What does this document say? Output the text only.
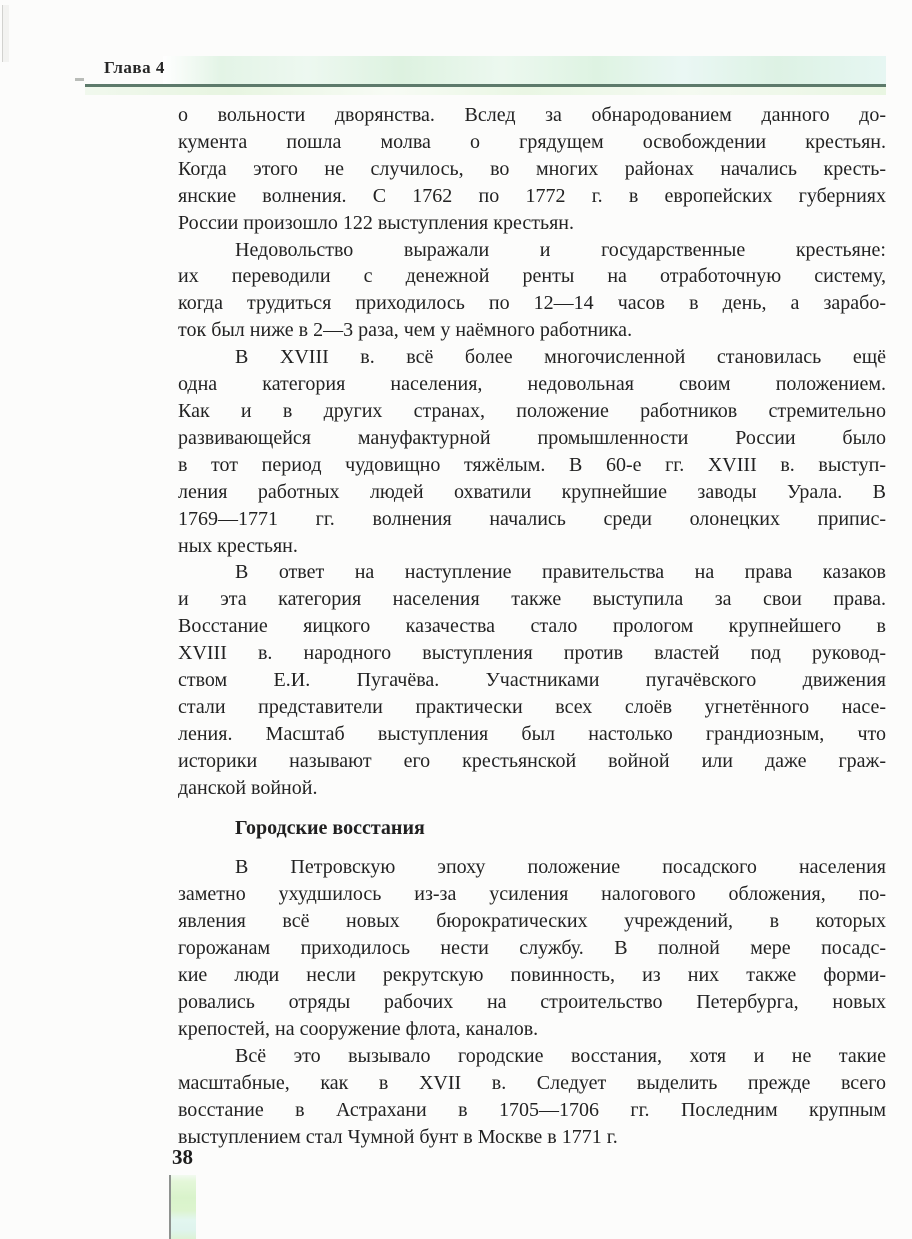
Глава 4
о вольности дворянства. Вслед за обнародованием данного до-
кумента пошла молва о грядущем освобождении крестьян.
Когда этого не случилось, во многих районах начались кресть-
янские волнения. С 1762 по 1772 г. в европейских губерниях
России произошло 122 выступления крестьян.
Недовольство выражали и государственные крестьяне:
их переводили с денежной ренты на отработочную систему,
когда трудиться приходилось по 12—14 часов в день, а зарабо-
ток был ниже в 2—3 раза, чем у наёмного работника.
В XVIII в. всё более многочисленной становилась ещё
одна категория населения, недовольная своим положением.
Как и в других странах, положение работников стремительно
развивающейся мануфактурной промышленности России было
в тот период чудовищно тяжёлым. В 60-е гг. XVIII в. выступ-
ления работных людей охватили крупнейшие заводы Урала. В
1769—1771 гг. волнения начались среди олонецких припис-
ных крестьян.
В ответ на наступление правительства на права казаков
и эта категория населения также выступила за свои права.
Восстание яицкого казачества стало прологом крупнейшего в
XVIII в. народного выступления против властей под руковод-
ством Е.И. Пугачёва. Участниками пугачёвского движения
стали представители практически всех слоёв угнетённого насе-
ления. Масштаб выступления был настолько грандиозным, что
историки называют его крестьянской войной или даже граж-
данской войной.
Городские восстания
В Петровскую эпоху положение посадского населения
заметно ухудшилось из-за усиления налогового обложения, по-
явления всё новых бюрократических учреждений, в которых
горожанам приходилось нести службу. В полной мере посадс-
кие люди несли рекрутскую повинность, из них также форми-
ровались отряды рабочих на строительство Петербурга, новых
крепостей, на сооружение флота, каналов.
Всё это вызывало городские восстания, хотя и не такие
масштабные, как в XVII в. Следует выделить прежде всего
восстание в Астрахани в 1705—1706 гг. Последним крупным
выступлением стал Чумной бунт в Москве в 1771 г.
38
